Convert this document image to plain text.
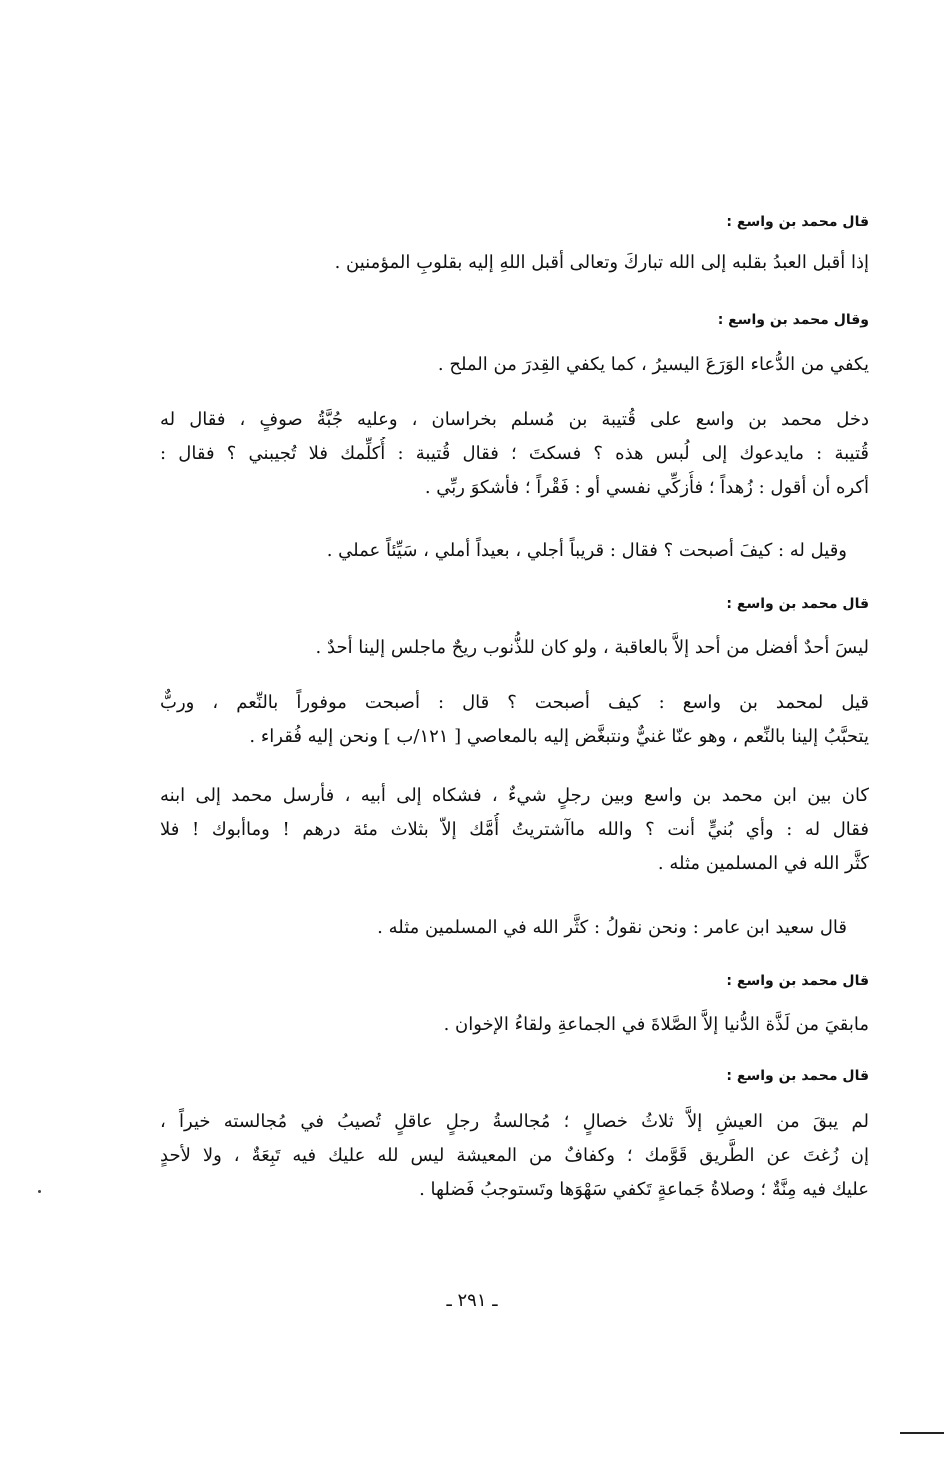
قال محمد بن واسع :
إذا أقبل العبدُ بقلبه إلى الله تباركَ وتعالى أقبل اللهِ إليه بقلوبِ المؤمنين .
وقال محمد بن واسع :
يكفي من الدُّعاء الوَرَعَ اليسيرُ ، كما يكفي القِدرَ من الملح .
دخل محمد بن واسع على قُتيبة بن مُسلم بخراسان ، وعليه جُبَّةُ صوفٍ ، فقال له
قُتيبة : مايدعوك إلى لُبس هذه ؟ فسكتَ ؛ فقال قُتيبة : أُكلِّمك فلا تُجيبني ؟ فقال :
أكره أن أقول : زُهداً ؛ فأُزكِّي نفسي أو : فَقْراً ؛ فأشكوَ ربِّي .
وقيل له : كيفَ أصبحت ؟ فقال : قريباً أجلي ، بعيداً أملي ، سَيِّئاً عملي .
قال محمد بن واسع :
ليسَ أحدٌ أفضل من أحد إلاَّ بالعاقبة ، ولو كان للذُّنوب ريحٌ ماجلس إلينا أحدٌ .
قيل لمحمد بن واسع : كيف أصبحت ؟ قال : أصبحت موفوراً بالنِّعم ، وربٌّ
يتحبَّبُ إلينا بالنِّعم ، وهو عنّا غنيٌّ ونتبغَّض إليه بالمعاصي [ ١٢١/ب ] ونحن إليه فُقراء .
كان بين ابن محمد بن واسع وبين رجلٍ شيءٌ ، فشكاه إلى أبيه ، فأرسل محمد إلى ابنه
فقال له : وأي بُنيٍّ أنت ؟ والله ماآشتريتُ أُمَّك إلاّ بثلاث مئة درهم ! وماأبوك ! فلا
كثَّر الله في المسلمين مثله .
قال سعيد ابن عامر : ونحن نقولُ : كثَّر الله في المسلمين مثله .
قال محمد بن واسع :
مابقيَ من لَذَّة الدُّنيا إلاَّ الصَّلاةَ في الجماعةِ ولقاءُ الإخوان .
قال محمد بن واسع :
لم يبقَ من العيشِ إلاَّ ثلاثُ خصالٍ ؛ مُجالسةُ رجلٍ عاقلٍ تُصيبُ في مُجالسته خيراً ،
إن زُغتَ عن الطَّريق قَوَّمك ؛ وكفافٌ من المعيشة ليس لله عليك فيه تَبِعَةٌ ، ولا لأحدٍ
عليك فيه مِنَّةٌ ؛ وصلاةُ جَماعةٍ تَكفي سَهْوَها وتَستوجبُ فَضلها .
ـ ٢٩١ ـ
